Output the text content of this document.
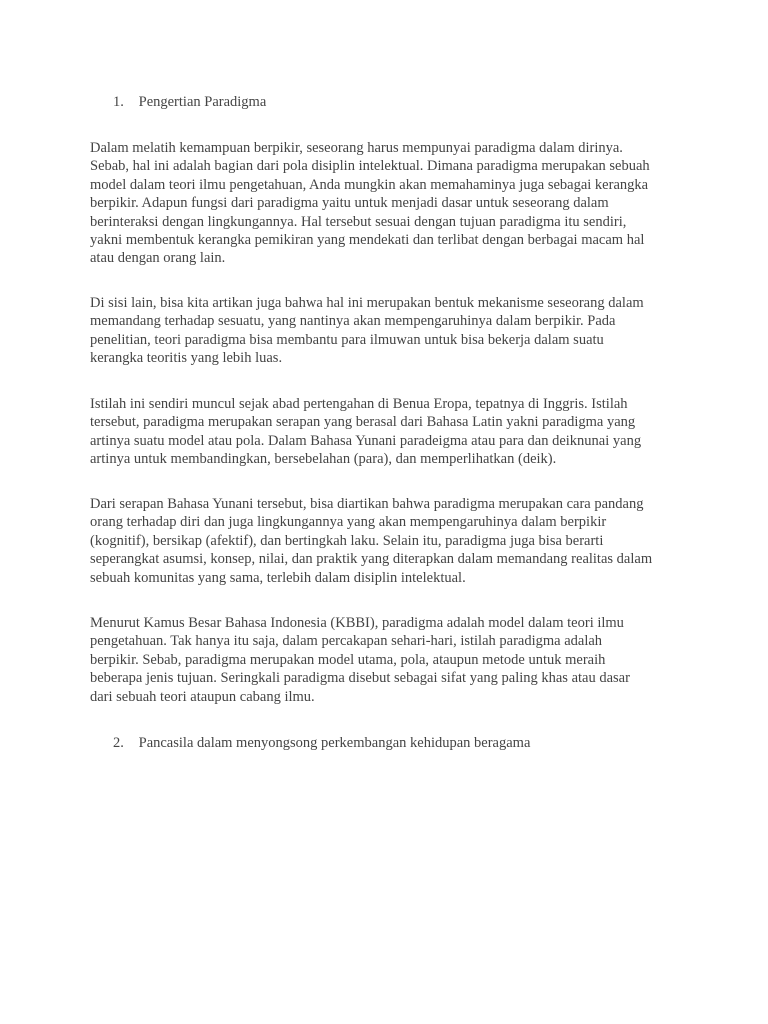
1. Pengertian Paradigma

Dalam melatih kemampuan berpikir, seseorang harus mempunyai paradigma dalam dirinya.
Sebab, hal ini adalah bagian dari pola disiplin intelektual. Dimana paradigma merupakan sebuah
model dalam teori ilmu pengetahuan, Anda mungkin akan memahaminya juga sebagai kerangka
berpikir. Adapun fungsi dari paradigma yaitu untuk menjadi dasar untuk seseorang dalam
berinteraksi dengan lingkungannya. Hal tersebut sesuai dengan tujuan paradigma itu sendiri,
yakni membentuk kerangka pemikiran yang mendekati dan terlibat dengan berbagai macam hal
atau dengan orang lain.

Di sisi lain, bisa kita artikan juga bahwa hal ini merupakan bentuk mekanisme seseorang dalam
memandang terhadap sesuatu, yang nantinya akan mempengaruhinya dalam berpikir. Pada
penelitian, teori paradigma bisa membantu para ilmuwan untuk bisa bekerja dalam suatu
kerangka teoritis yang lebih luas.

Istilah ini sendiri muncul sejak abad pertengahan di Benua Eropa, tepatnya di Inggris. Istilah
tersebut, paradigma merupakan serapan yang berasal dari Bahasa Latin yakni paradigma yang
artinya suatu model atau pola. Dalam Bahasa Yunani paradeigma atau para dan deiknunai yang
artinya untuk membandingkan, bersebelahan (para), dan memperlihatkan (deik).

Dari serapan Bahasa Yunani tersebut, bisa diartikan bahwa paradigma merupakan cara pandang
orang terhadap diri dan juga lingkungannya yang akan mempengaruhinya dalam berpikir
(kognitif), bersikap (afektif), dan bertingkah laku. Selain itu, paradigma juga bisa berarti
seperangkat asumsi, konsep, nilai, dan praktik yang diterapkan dalam memandang realitas dalam
sebuah komunitas yang sama, terlebih dalam disiplin intelektual.

Menurut Kamus Besar Bahasa Indonesia (KBBI), paradigma adalah model dalam teori ilmu
pengetahuan. Tak hanya itu saja, dalam percakapan sehari-hari, istilah paradigma adalah
berpikir. Sebab, paradigma merupakan model utama, pola, ataupun metode untuk meraih
beberapa jenis tujuan. Seringkali paradigma disebut sebagai sifat yang paling khas atau dasar
dari sebuah teori ataupun cabang ilmu.

2. Pancasila dalam menyongsong perkembangan kehidupan beragama
